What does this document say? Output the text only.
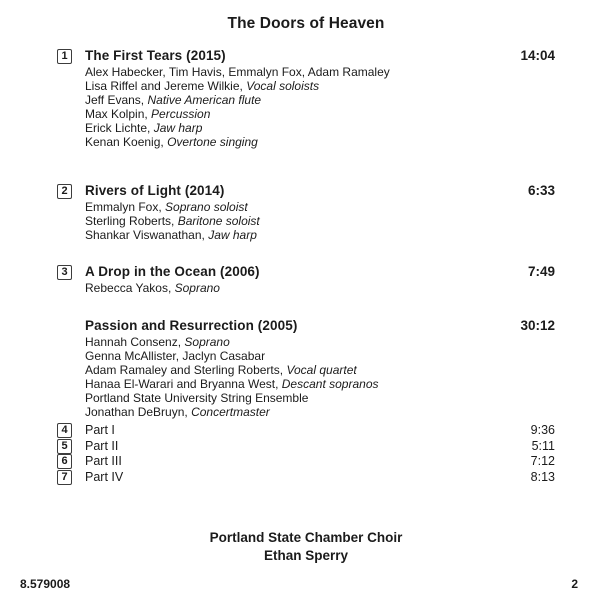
The Doors of Heaven
1	The First Tears (2015)	14:04
Alex Habecker, Tim Havis, Emmalyn Fox, Adam Ramaley
Lisa Riffel and Jereme Wilkie, Vocal soloists
Jeff Evans, Native American flute
Max Kolpin, Percussion
Erick Lichte, Jaw harp
Kenan Koenig, Overtone singing
2	Rivers of Light (2014)	6:33
Emmalyn Fox, Soprano soloist
Sterling Roberts, Baritone soloist
Shankar Viswanathan, Jaw harp
3	A Drop in the Ocean (2006)	7:49
Rebecca Yakos, Soprano
Passion and Resurrection (2005)	30:12
Hannah Consenz, Soprano
Genna McAllister, Jaclyn Casabar
Adam Ramaley and Sterling Roberts, Vocal quartet
Hanaa El-Warari and Bryanna West, Descant sopranos
Portland State University String Ensemble
Jonathan DeBruyn, Concertmaster
4	Part I	9:36
5	Part II	5:11
6	Part III	7:12
7	Part IV	8:13
Portland State Chamber Choir
Ethan Sperry
8.579008	2
